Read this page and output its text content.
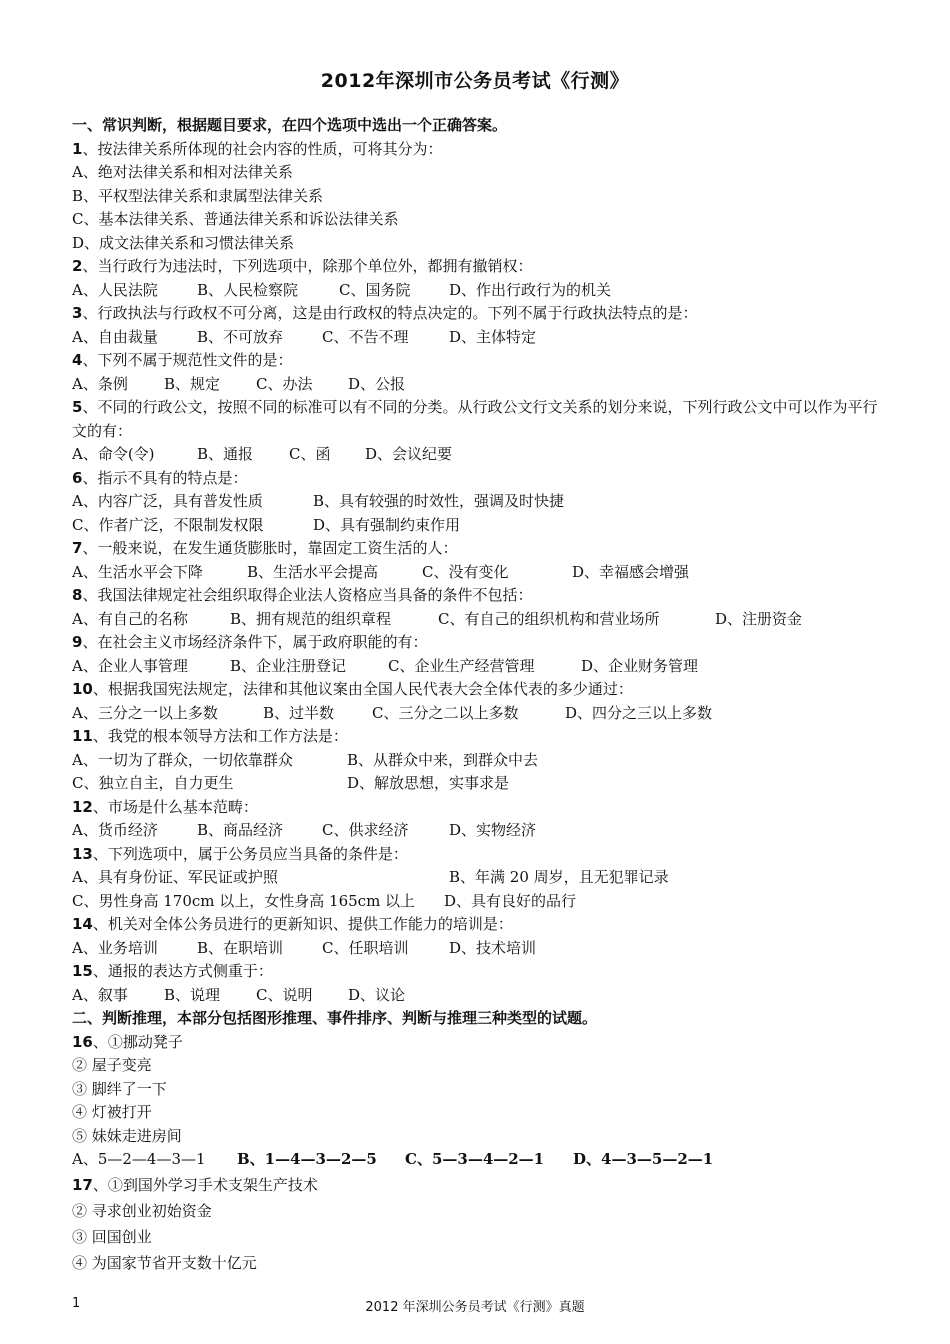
2012年深圳市公务员考试《行测》
一、常识判断，根据题目要求，在四个选项中选出一个正确答案。
1、按法律关系所体现的社会内容的性质，可将其分为：
A、绝对法律关系和相对法律关系
B、平权型法律关系和隶属型法律关系
C、基本法律关系、普通法律关系和诉讼法律关系
D、成文法律关系和习惯法律关系
2、当行政行为违法时，下列选项中，除那个单位外，都拥有撤销权：
A、人民法院	B、人民检察院	C、国务院	D、作出行政行为的机关
3、行政执法与行政权不可分离，这是由行政权的特点决定的。下列不属于行政执法特点的是：
A、自由裁量	B、不可放弃	C、不告不理	D、主体特定
4、下列不属于规范性文件的是：
A、条例	B、规定	C、办法	D、公报
5、不同的行政公文，按照不同的标准可以有不同的分类。从行政公文行文关系的划分来说，下列行政公文中可以作为平行文的有：
A、命令(令)	B、通报	C、函	D、会议纪要
6、指示不具有的特点是：
A、内容广泛，具有普发性质	B、具有较强的时效性，强调及时快捷
C、作者广泛，不限制发权限	D、具有强制约束作用
7、一般来说，在发生通货膨胀时，靠固定工资生活的人：
A、生活水平会下降	B、生活水平会提高	C、没有变化	D、幸福感会增强
8、我国法律规定社会组织取得企业法人资格应当具备的条件不包括：
A、有自己的名称	B、拥有规范的组织章程	C、有自己的组织机构和营业场所	D、注册资金
9、在社会主义市场经济条件下，属于政府职能的有：
A、企业人事管理	B、企业注册登记	C、企业生产经营管理	D、企业财务管理
10、根据我国宪法规定，法律和其他议案由全国人民代表大会全体代表的多少通过：
A、三分之一以上多数	B、过半数	C、三分之二以上多数	D、四分之三以上多数
11、我党的根本领导方法和工作方法是：
A、一切为了群众，一切依靠群众	B、从群众中来，到群众中去
C、独立自主，自力更生	D、解放思想，实事求是
12、市场是什么基本范畴：
A、货币经济	B、商品经济	C、供求经济	D、实物经济
13、下列选项中，属于公务员应当具备的条件是：
A、具有身份证、军民证或护照	B、年满 20 周岁，且无犯罪记录
C、男性身高 170cm 以上，女性身高 165cm 以上	D、具有良好的品行
14、机关对全体公务员进行的更新知识、提供工作能力的培训是：
A、业务培训	B、在职培训	C、任职培训	D、技术培训
15、通报的表达方式侧重于：
A、叙事	B、说理	C、说明	D、议论
二、判断推理，本部分包括图形推理、事件排序、判断与推理三种类型的试题。
16、①挪动凳子
② 屋子变亮
③ 脚绊了一下
④ 灯被打开
⑤ 妹妹走进房间
A、5—2—4—3—1	B、1—4—3—2—5	C、5—3—4—2—1	D、4—3—5—2—1
17、①到国外学习手术支架生产技术
② 寻求创业初始资金
③ 回国创业
④ 为国家节省开支数十亿元
1	2012 年深圳公务员考试《行测》真题
